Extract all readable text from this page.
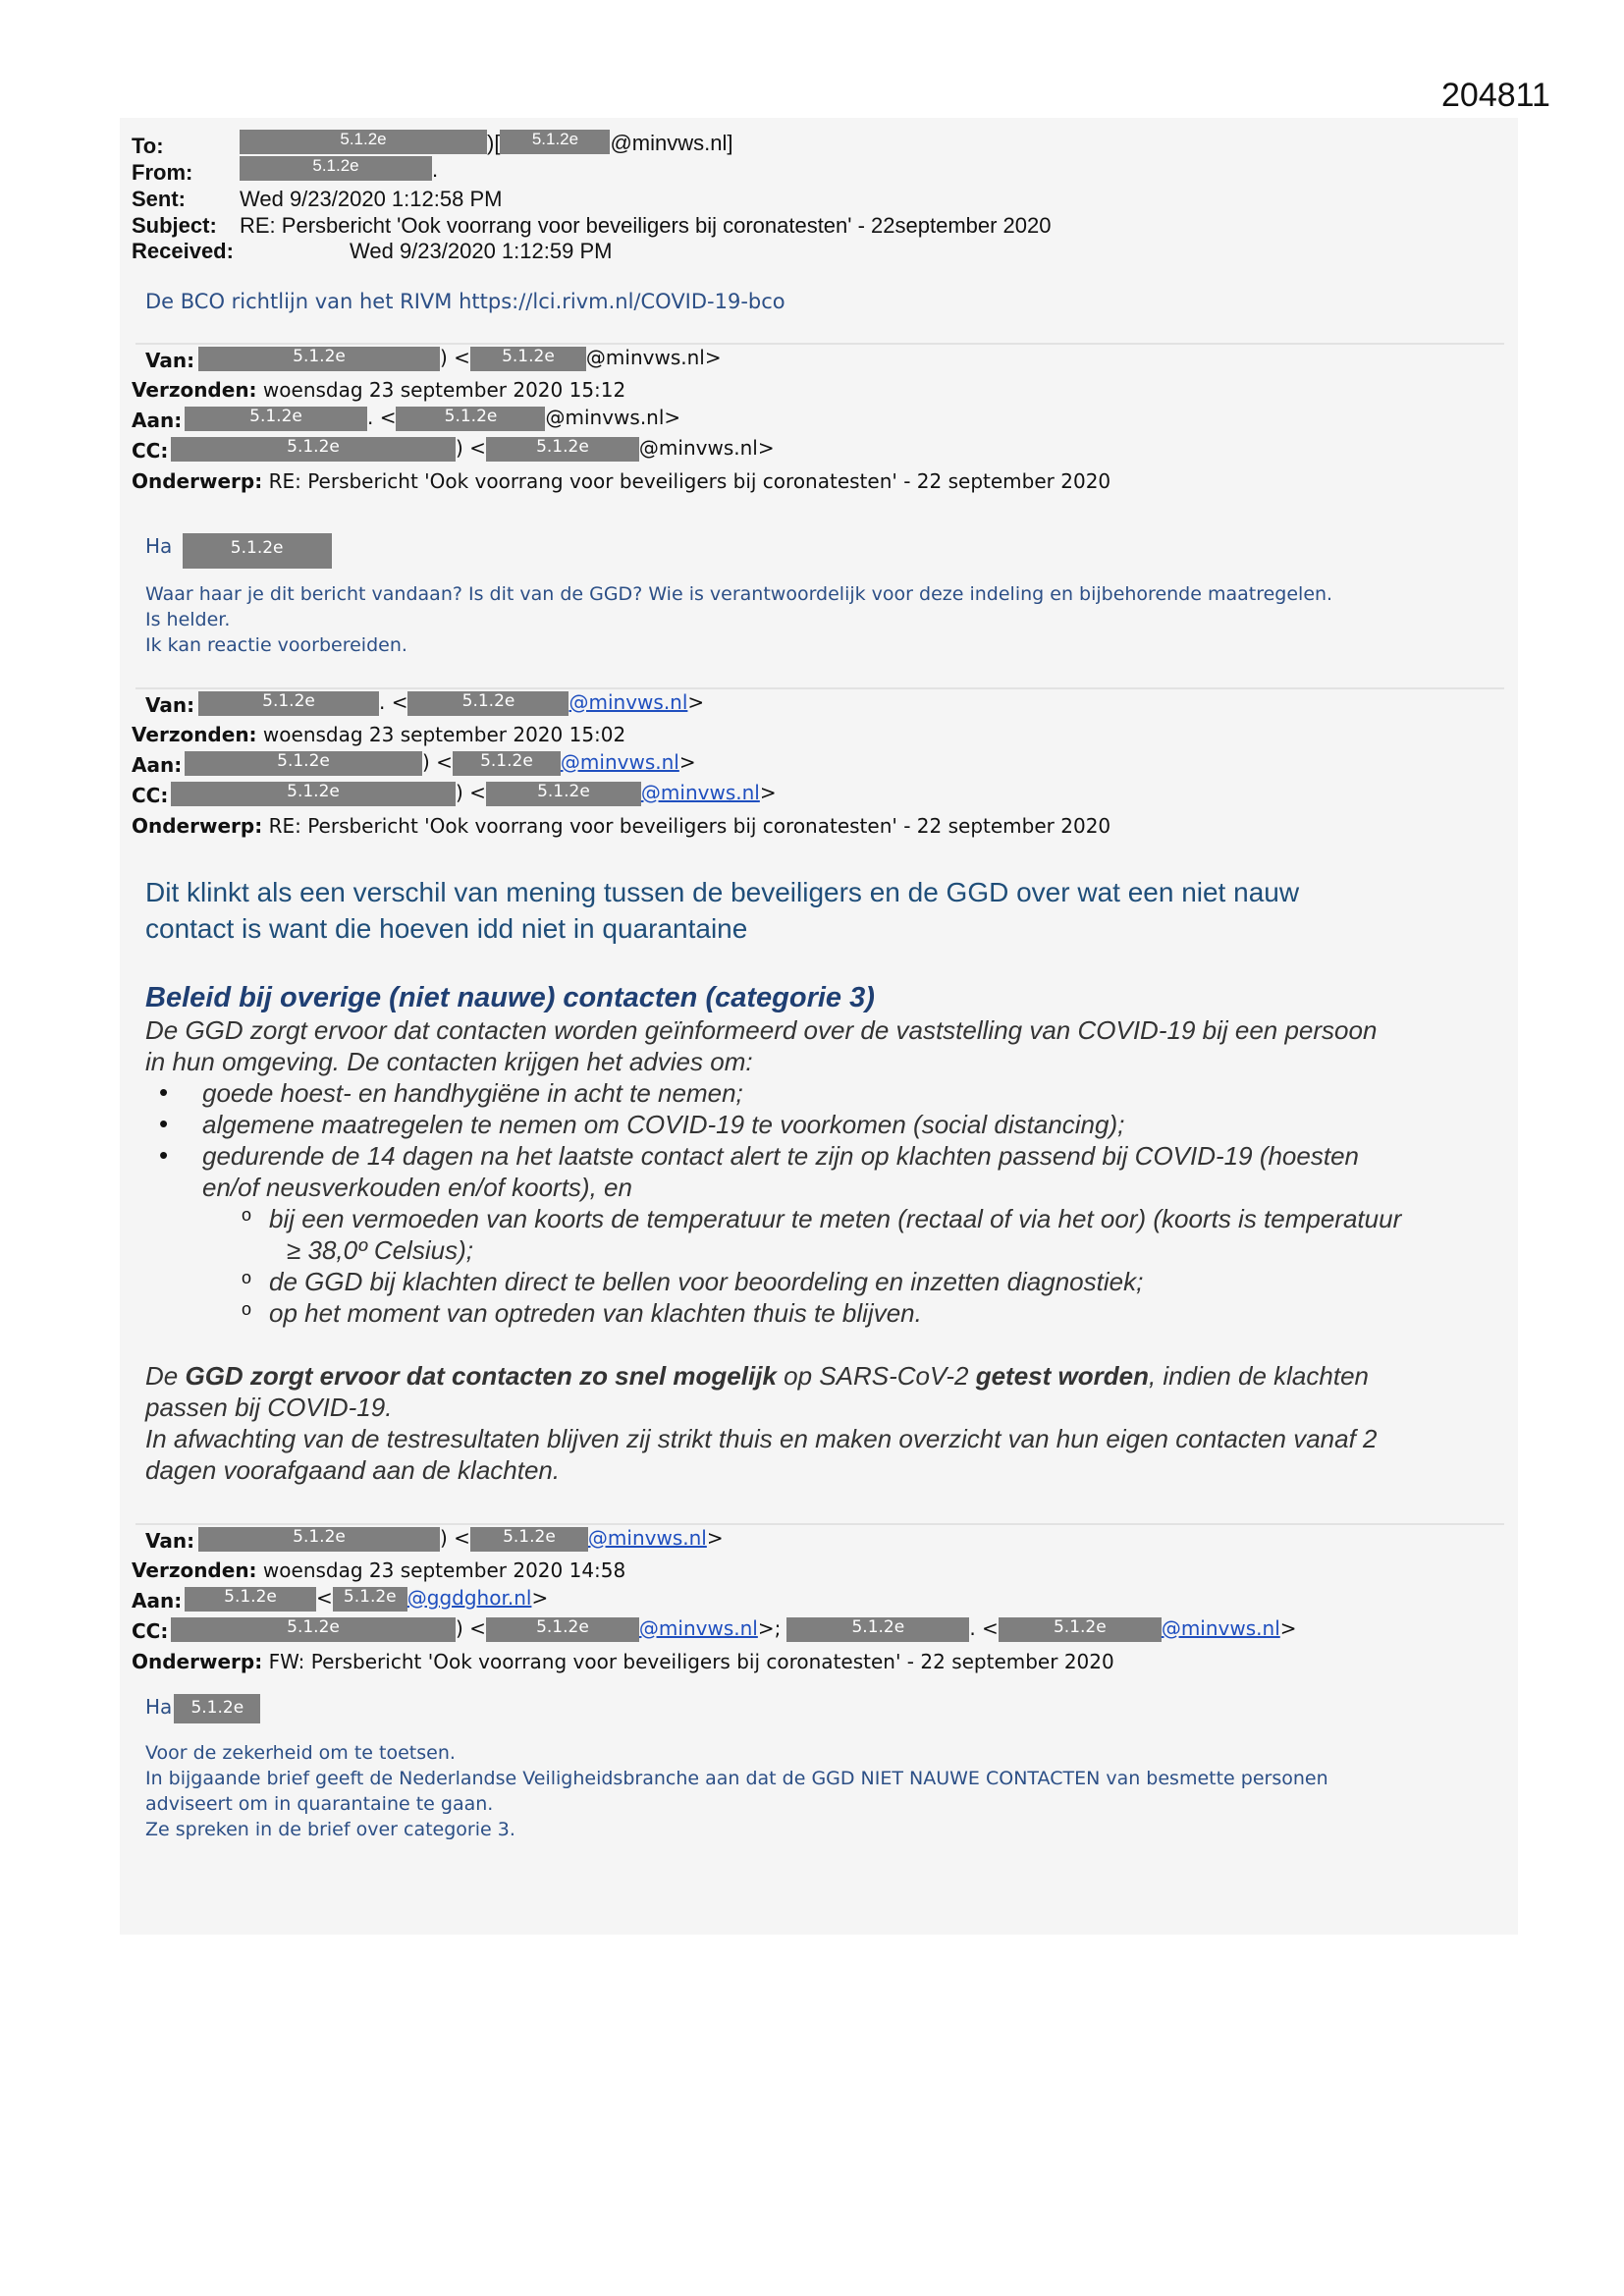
204811
To:	5.1.2e	)[ 5.1.2e @minvws.nl]
From:	5.1.2e	.
Sent:	Wed 9/23/2020 1:12:58 PM
Subject: RE: Persbericht 'Ook voorrang voor beveiligers bij coronatesten' - 22september 2020
Received:	Wed 9/23/2020 1:12:59 PM
De BCO richtlijn van het RIVM https://lci.rivm.nl/COVID-19-bco
Van:	5.1.2e	) < 5.1.2e @minvws.nl>
Verzonden: woensdag 23 september 2020 15:12
Aan:	5.1.2e	. <	5.1.2e @minvws.nl>
CC:	5.1.2e	) <	5.1.2e	@minvws.nl>
Onderwerp: RE: Persbericht 'Ook voorrang voor beveiligers bij coronatesten' - 22 september 2020
Ha	5.1.2e
Waar haar je dit bericht vandaan? Is dit van de GGD? Wie is verantwoordelijk voor deze indeling en bijbehorende maatregelen.
Is helder.
Ik kan reactie voorbereiden.
Van:	5.1.2e	. <	5.1.2e	@minvws.nl>
Verzonden: woensdag 23 september 2020 15:02
Aan:	5.1.2e	) < 5.1.2e @minvws.nl>
CC:	5.1.2e	) <	5.1.2e	@minvws.nl>
Onderwerp: RE: Persbericht 'Ook voorrang voor beveiligers bij coronatesten' - 22 september 2020
Dit klinkt als een verschil van mening tussen de beveiligers en de GGD over wat een niet nauw
contact is want die hoeven idd niet in quarantaine
Beleid bij overige (niet nauwe) contacten (categorie 3)
De GGD zorgt ervoor dat contacten worden geïnformeerd over de vaststelling van COVID-19 bij een persoon
in hun omgeving. De contacten krijgen het advies om:
• goede hoest- en handhygiëne in acht te nemen;
• algemene maatregelen te nemen om COVID-19 te voorkomen (social distancing);
• gedurende de 14 dagen na het laatste contact alert te zijn op klachten passend bij COVID-19 (hoesten
en/of neusverkouden en/of koorts), en
o bij een vermoeden van koorts de temperatuur te meten (rectaal of via het oor) (koorts is temperatuur
≥ 38,0º Celsius);
o de GGD bij klachten direct te bellen voor beoordeling en inzetten diagnostiek;
o op het moment van optreden van klachten thuis te blijven.
De GGD zorgt ervoor dat contacten zo snel mogelijk op SARS-CoV-2 getest worden, indien de klachten
passen bij COVID-19.
In afwachting van de testresultaten blijven zij strikt thuis en maken overzicht van hun eigen contacten vanaf 2
dagen voorafgaand aan de klachten.
Van:	5.1.2e	) < 5.1.2e @minvws.nl>
Verzonden: woensdag 23 september 2020 14:58
Aan:	5.1.2e < 5.1.2e @ggdghor.nl>
CC:	5.1.2e	) <	5.1.2e	@minvws.nl>;	5.1.2e	. <	5.1.2e	@minvws.nl>
Onderwerp: FW: Persbericht 'Ook voorrang voor beveiligers bij coronatesten' - 22 september 2020
Ha 5.1.2e
Voor de zekerheid om te toetsen.
In bijgaande brief geeft de Nederlandse Veiligheidsbranche aan dat de GGD NIET NAUWE CONTACTEN van besmette personen
adviseert om in quarantaine te gaan.
Ze spreken in de brief over categorie 3.
